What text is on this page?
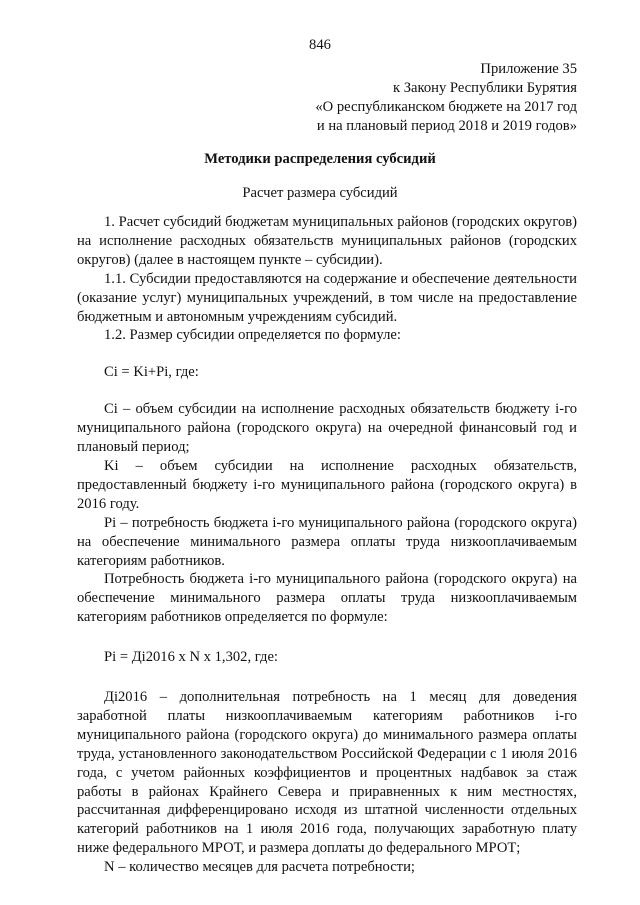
846
Приложение 35
к Закону Республики Бурятия
«О республиканском бюджете на 2017 год
и на плановый период 2018 и 2019 годов»
Методики распределения субсидий
Расчет размера субсидий

1. Расчет субсидий бюджетам муниципальных районов (городских округов) на исполнение расходных обязательств муниципальных районов (городских округов) (далее в настоящем пункте – субсидии).

1.1. Субсидии предоставляются на содержание и обеспечение деятельности (оказание услуг) муниципальных учреждений, в том числе на предоставление бюджетным и автономным учреждениям субсидий.

1.2. Размер субсидии определяется по формуле:

Ci = Ki+Pi, где:

Ci – объем субсидии на исполнение расходных обязательств бюджету i-го муниципального района (городского округа) на очередной финансовый год и плановый период;

Ki – объем субсидии на исполнение расходных обязательств, предоставленный бюджету i-го муниципального района (городского округа) в 2016 году.

Pi – потребность бюджета i-го муниципального района (городского округа) на обеспечение минимального размера оплаты труда низкооплачиваемым категориям работников.

Потребность бюджета i-го муниципального района (городского округа) на обеспечение минимального размера оплаты труда низкооплачиваемым категориям работников определяется по формуле:

Pi = Дi2016 х N х 1,302, где:

Дi2016 – дополнительная потребность на 1 месяц для доведения заработной платы низкооплачиваемым категориям работников i-го муниципального района (городского округа) до минимального размера оплаты труда, установленного законодательством Российской Федерации с 1 июля 2016 года, с учетом районных коэффициентов и процентных надбавок за стаж работы в районах Крайнего Севера и приравненных к ним местностях, рассчитанная дифференцировано исходя из штатной численности отдельных категорий работников на 1 июля 2016 года, получающих заработную плату ниже федерального МРОТ, и размера доплаты до федерального МРОТ;

N – количество месяцев для расчета потребности;
